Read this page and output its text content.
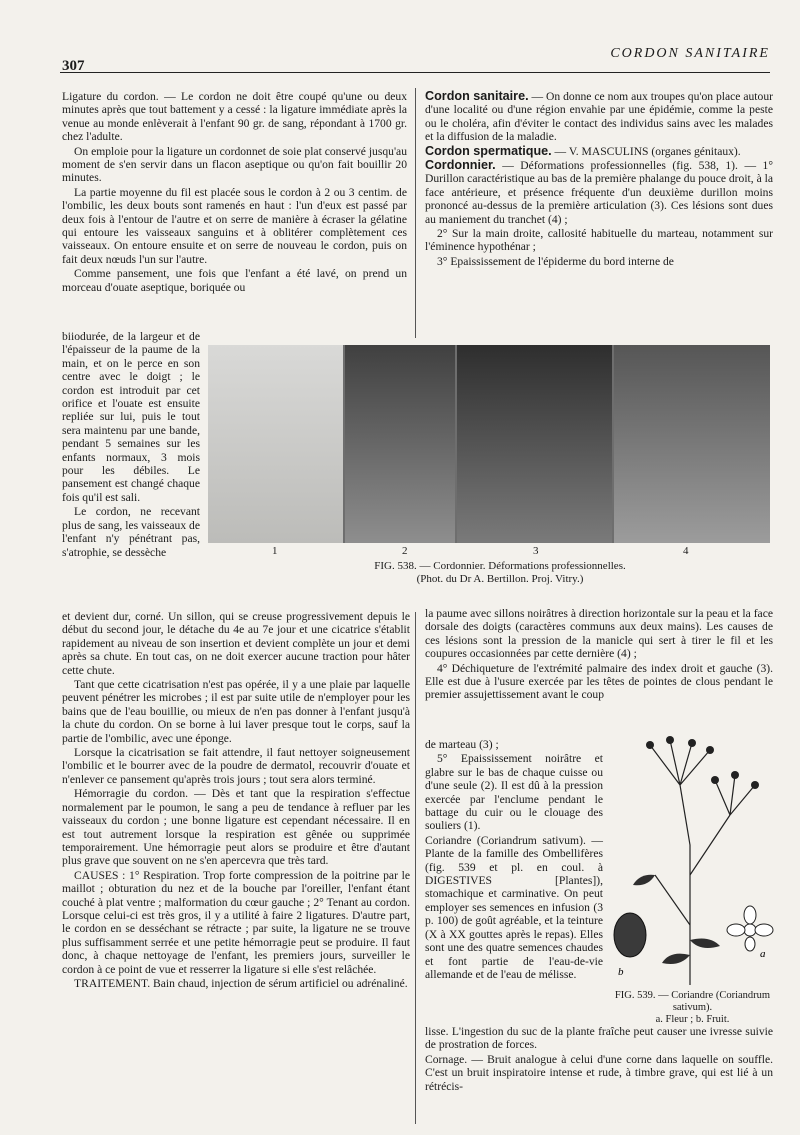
307
CORDON SANITAIRE

Ligature du cordon. — Le cordon ne doit être coupé qu'une ou deux minutes après que tout battement y a cessé : la ligature immédiate après la venue au monde enlèverait à l'enfant 90 gr. de sang, répondant à 1700 gr. chez l'adulte.

On emploie pour la ligature un cordonnet de soie plat conservé jusqu'au moment de s'en servir dans un flacon aseptique ou qu'on fait bouillir 20 minutes.

La partie moyenne du fil est placée sous le cordon à 2 ou 3 centim. de l'ombilic, les deux bouts sont ramenés en haut : l'un d'eux est passé par deux fois à l'entour de l'autre et on serre de manière à écraser la gélatine qui entoure les vaisseaux sanguins et à oblitérer complètement ces vaisseaux. On entoure ensuite et on serre de nouveau le cordon, puis on fait deux nœuds l'un sur l'autre.

Comme pansement, une fois que l'enfant a été lavé, on prend un morceau d'ouate aseptique, boriquée ou

biiodurée, de la largeur et de l'épaisseur de la paume de la main, et on le perce en son centre avec le doigt ; le cordon est introduit par cet orifice et l'ouate est ensuite repliée sur lui, puis le tout sera maintenu par une bande, pendant 5 semaines sur les enfants normaux, 3 mois pour les débiles. Le pansement est changé chaque fois qu'il est sali.

Le cordon, ne recevant plus de sang, les vaisseaux de l'enfant n'y pénétrant pas, s'atrophie, se dessèche	1	2	3	4
FIG. 538. — Cordonnier. Déformations professionnelles.
(Phot. du Dr A. Bertillon. Proj. Vitry.)

et devient dur, corné. Un sillon, qui se creuse progressivement depuis le début du second jour, le détache du 4e au 7e jour et une cicatrice s'établit rapidement au niveau de son insertion et devient complète un jour et demi après sa chute. En tout cas, on ne doit exercer aucune traction pour hâter cette chute.

Tant que cette cicatrisation n'est pas opérée, il y a une plaie par laquelle peuvent pénétrer les microbes ; il est par suite utile de n'employer pour les bains que de l'eau bouillie, ou mieux de n'en pas donner à l'enfant jusqu'à la chute du cordon. On se borne à lui laver presque tout le corps, sauf la partie de l'ombilic, avec une éponge.

Lorsque la cicatrisation se fait attendre, il faut nettoyer soigneusement l'ombilic et le bourrer avec de la poudre de dermatol, recouvrir d'ouate et n'enlever ce pansement qu'après trois jours ; tout sera alors terminé.

Hémorragie du cordon. — Dès et tant que la respiration s'effectue normalement par le poumon, le sang a peu de tendance à refluer par les vaisseaux du cordon ; une bonne ligature est cependant nécessaire. Il en est tout autrement lorsque la respiration est gênée ou supprimée temporairement. Une hémorragie peut alors se produire et être d'autant plus grave que souvent on ne s'en apercevra que très tard.

CAUSES : 1° Respiration. Trop forte compression de la poitrine par le maillot ; obturation du nez et de la bouche par l'oreiller, l'enfant étant couché à plat ventre ; malformation du cœur gauche ; 2° Tenant au cordon. Lorsque celui-ci est très gros, il y a utilité à faire 2 ligatures. D'autre part, le cordon en se desséchant se rétracte ; par suite, la ligature ne se trouve plus suffisamment serrée et une petite hémorragie peut se produire. Il faut donc, à chaque nettoyage de l'enfant, les premiers jours, surveiller le cordon à ce point de vue et resserrer la ligature si elle s'est relâchée.

TRAITEMENT. Bain chaud, injection de sérum artificiel ou adrénaliné.

Cordon sanitaire. — On donne ce nom aux troupes qu'on place autour d'une localité ou d'une région envahie par une épidémie, comme la peste ou le choléra, afin d'éviter le contact des individus sains avec les malades et la diffusion de la maladie.

Cordon spermatique. — V. MASCULINS (organes génitaux).

Cordonnier. — Déformations professionnelles (fig. 538, 1). — 1° Durillon caractéristique au bas de la première phalange du pouce droit, à la face antérieure, et présence fréquente d'un deuxième durillon moins prononcé au-dessus de la première articulation (3). Ces lésions sont dues au maniement du tranchet (4) ;

2° Sur la main droite, callosité habituelle du marteau, notamment sur l'éminence hypothénar ;

3° Epaississement de l'épiderme du bord interne de

la paume avec sillons noirâtres à direction horizontale sur la peau et la face dorsale des doigts (caractères communs aux deux mains). Les causes de ces lésions sont la pression de la manicle qui sert à tirer le fil et les coupures occasionnées par cette dernière (4) ;

4° Déchiqueture de l'extrémité palmaire des index droit et gauche (3). Elle est due à l'usure exercée par les têtes de pointes de clous pendant le premier assujettissement avant le coup

de marteau (3) ;

5° Epaississement noirâtre et glabre sur le bas de chaque cuisse ou d'une seule (2). Il est dû à la pression exercée par l'enclume pendant le battage du cuir ou le clouage des souliers (1).

Coriandre (Coriandrum sativum). — Plante de la famille des Ombellifères (fig. 539 et pl. en coul. à DIGESTIVES [Plantes]), stomachique et carminative. On peut employer ses semences en infusion (3 p. 100) de goût agréable, et la teinture (X à XX gouttes après le repas). Elles sont une des quatre semences chaudes et font partie de l'eau-de-vie allemande et de l'eau de mélisse.	b
a
FIG. 539. — Coriandre (Coriandrum sativum).
a. Fleur ; b. Fruit.

lisse. L'ingestion du suc de la plante fraîche peut causer une ivresse suivie de prostration de forces.

Cornage. — Bruit analogue à celui d'une corne dans laquelle on souffle. C'est un bruit inspiratoire intense et rude, à timbre grave, qui est lié à un rétrécis-
